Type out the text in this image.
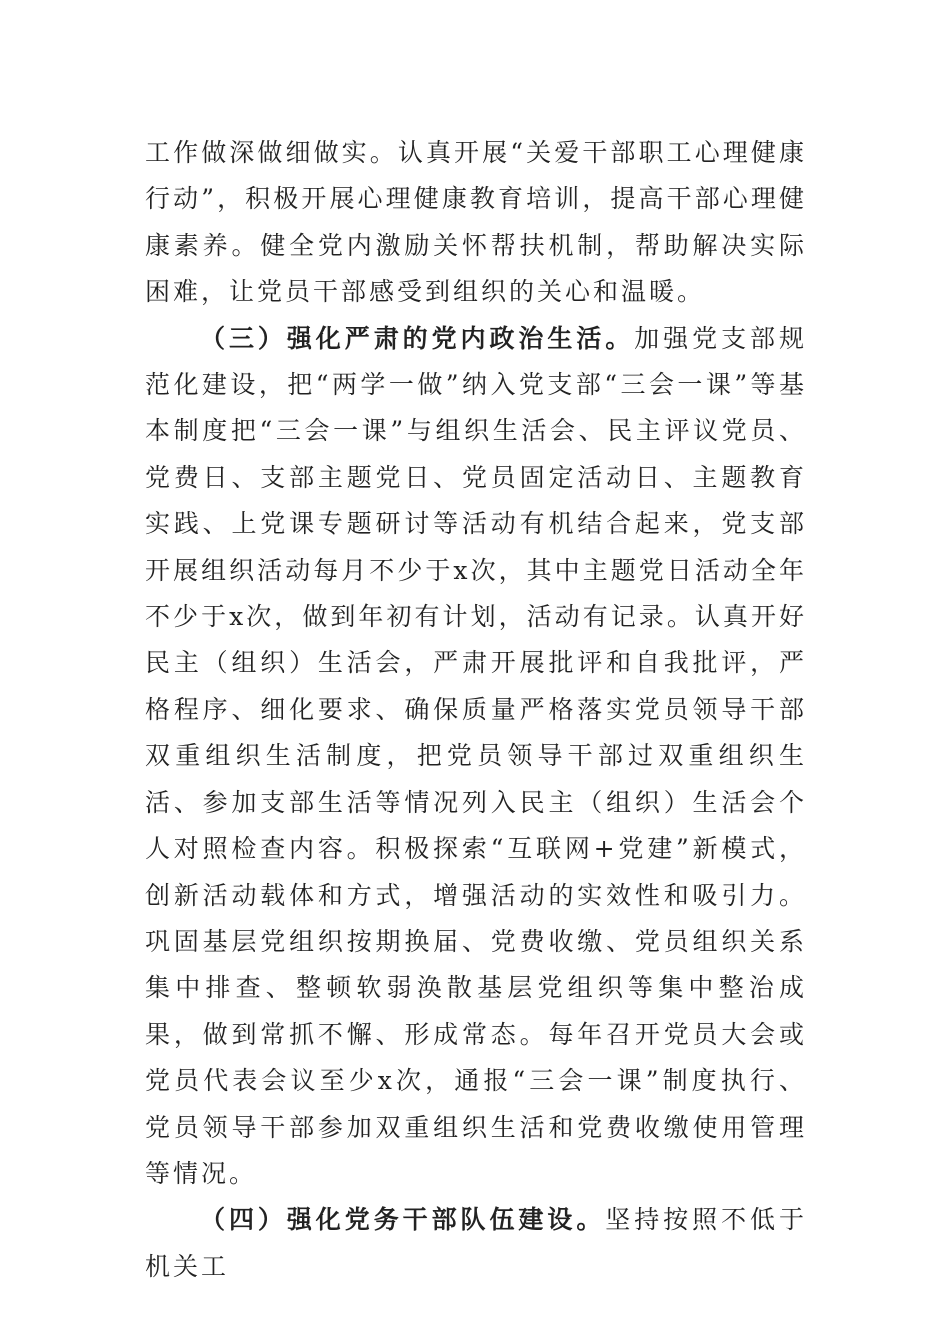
工作做深做细做实。认真开展“关爱干部职工心理健康行动”，积极开展心理健康教育培训，提高干部心理健康素养。健全党内激励关怀帮扶机制，帮助解决实际困难，让党员干部感受到组织的关心和温暖。

（三）强化严肃的党内政治生活。加强党支部规范化建设，把“两学一做”纳入党支部“三会一课”等基本制度把“三会一课”与组织生活会、民主评议党员、党费日、支部主题党日、党员固定活动日、主题教育实践、上党课专题研讨等活动有机结合起来，党支部开展组织活动每月不少于x次，其中主题党日活动全年不少于x次，做到年初有计划，活动有记录。认真开好民主（组织）生活会，严肃开展批评和自我批评，严格程序、细化要求、确保质量严格落实党员领导干部双重组织生活制度，把党员领导干部过双重组织生活、参加支部生活等情况列入民主（组织）生活会个人对照检查内容。积极探索“互联网+党建”新模式，创新活动载体和方式，增强活动的实效性和吸引力。巩固基层党组织按期换届、党费收缴、党员组织关系集中排查、整顿软弱涣散基层党组织等集中整治成果，做到常抓不懈、形成常态。每年召开党员大会或党员代表会议至少x次，通报“三会一课”制度执行、党员领导干部参加双重组织生活和党费收缴使用管理等情况。

（四）强化党务干部队伍建设。坚持按照不低于机关工
